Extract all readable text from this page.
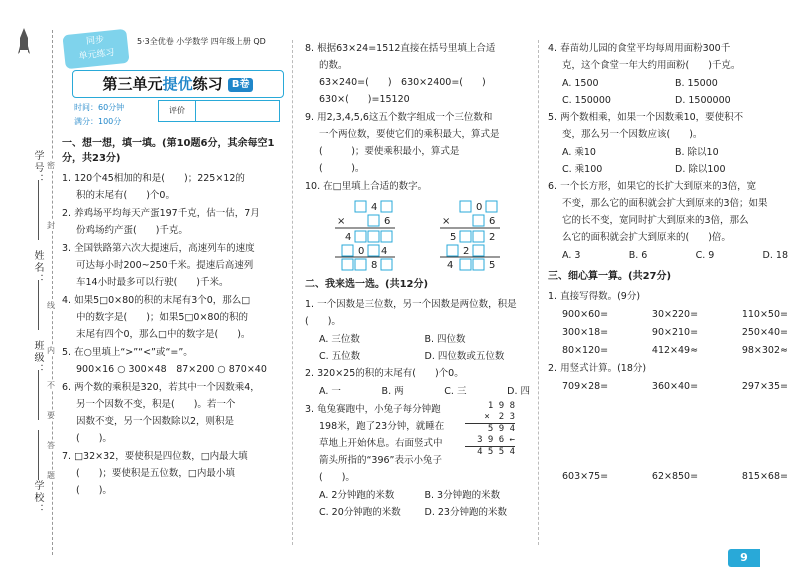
学号：
姓名：
班级：
学校：
密
封
线
内
不
要
答
题
同步
单元练习
5·3全优卷 小学数学 四年级上册 QD
第三单元提优练习 B卷
时间：60分钟
满分：100分
评价
一、想一想，填一填。(第10题6分，其余每空1分，共23分)
1. 120个45相加的和是(　　)；225×12的
积的末尾有(　　)个0。
2. 养鸡场平均每天产蛋197千克，估一估，7月
份鸡场约产蛋(　　)千克。
3. 全国铁路第六次大提速后，高速列车的速度
可达每小时200~250千米。提速后高速列
车14小时最多可以行驶(　　)千米。
4. 如果5□0×80的积的末尾有3个0，那么□
中的数字是(　　)；如果5□0×80的积的
末尾有四个0，那么□中的数字是(　　)。
5. 在○里填上“>”“<”或“=”。
900×16 ○ 300×48　87×200 ○ 870×40
6. 两个数的乘积是320，若其中一个因数乘4，
另一个因数不变，积是(　　)。若一个
因数不变，另一个因数除以2，则积是
(　　)。
7. □32×32，要使积是四位数，□内最大填
(　　)；要使积是五位数，□内最小填
(　　)。
8. 根据63×24=1512直接在括号里填上合适
的数。
63×240=(　　)　630×2400=(　　)
630×(　　)=15120
9. 用2,3,4,5,6这五个数字组成一个三位数和
一个两位数，要使它们的乘积最大，算式是
(　　　)；要使乘积最小，算式是
(　　　)。
10. 在□里填上合适的数字。
×	×
4
6
4
0 4
8
0
6
5	2
2
4	5
二、我来选一选。(共12分)
1. 一个因数是三位数，另一个因数是两位数，积是(　　)。
A. 三位数	B. 四位数
C. 五位数	D. 四位数或五位数
2. 320×25的积的末尾有(　　)个0。
A. 一	B. 两	C. 三	D. 四
3. 龟兔赛跑中，小兔子每分钟跑
198米，跑了23分钟，就睡在
草地上开始休息。右面竖式中
箭头所指的“396”表示小兔子
(　　)。
1 9 8
×　2 3
5 9 4
3 9 6 ←
4 5 5 4
A. 2分钟跑的米数	B. 3分钟跑的米数
C. 20分钟跑的米数	D. 23分钟跑的米数
4. 春苗幼儿园的食堂平均每周用面粉300千
克，这个食堂一年大约用面粉(　　)千克。
A. 1500	B. 15000
C. 150000	D. 1500000
5. 两个数相乘，如果一个因数乘10，要使积不
变，那么另一个因数应该(　　)。
A. 乘10	B. 除以10
C. 乘100	D. 除以100
6. 一个长方形，如果它的长扩大到原来的3倍，宽
不变，那么它的面积就会扩大到原来的3倍；如果
它的长不变，宽同时扩大到原来的3倍，那么
么它的面积就会扩大到原来的(　　)倍。
A. 3	B. 6	C. 9	D. 18
三、细心算一算。(共27分)
1. 直接写得数。(9分)
900×60=	30×220=	110×50=
300×18=	90×210=	250×40=
80×120=	412×49≈	98×302≈
2. 用竖式计算。(18分)
709×28=	360×40=	297×35=
603×75=	62×850=	815×68=
9
